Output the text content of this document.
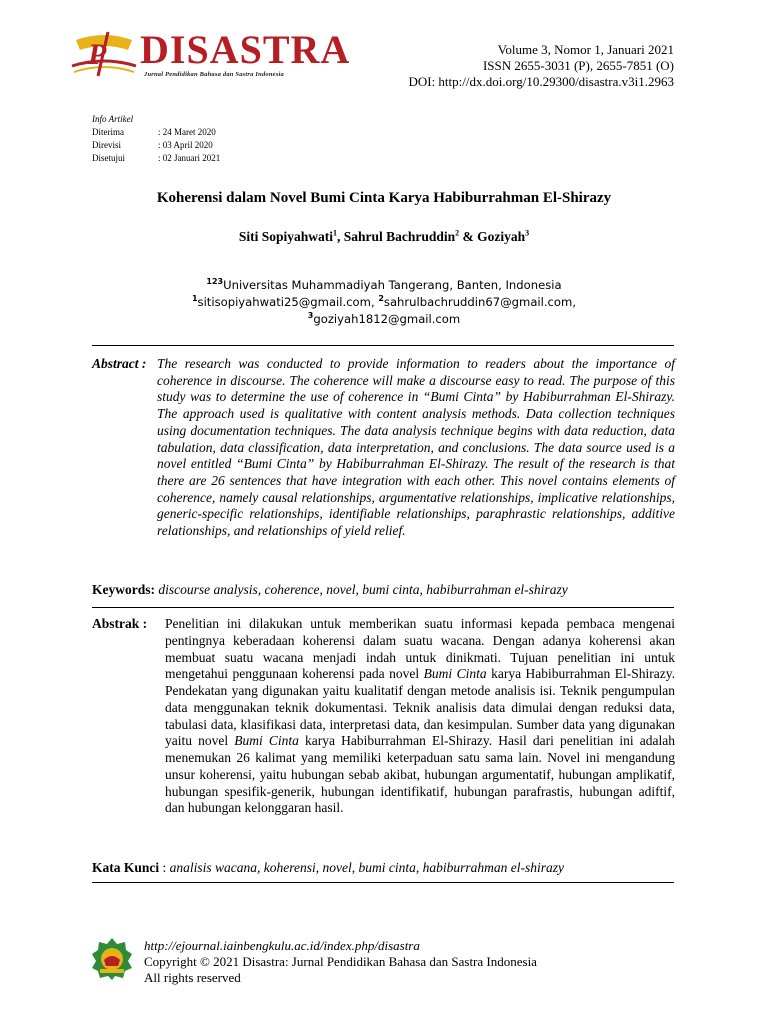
P DISASTRA
Jurnal Pendidikan Bahasa dan Sastra Indonesia
Volume 3, Nomor 1, Januari 2021
ISSN 2655-3031 (P), 2655-7851 (O)
DOI: http://dx.doi.org/10.29300/disastra.v3i1.2963
Info Artikel
Diterima	: 24 Maret 2020
Direvisi	: 03 April 2020
Disetujui	: 02 Januari 2021
Koherensi dalam Novel Bumi Cinta Karya Habiburrahman El-Shirazy
Siti Sopiyahwati$^1$, Sahrul Bachruddin$^2$ & Goziyah$^3$
$^{123}$Universitas Muhammadiyah Tangerang, Banten, Indonesia
$^1$sitisopiyahwati25@gmail.com, $^2$sahrulbachruddin67@gmail.com,
$^3$goziyah1812@gmail.com
Abstract : The research was conducted to provide information to readers about the importance of coherence in discourse. The coherence will make a discourse easy to read. The purpose of this study was to determine the use of coherence in “Bumi Cinta” by Habiburrahman El-Shirazy. The approach used is qualitative with content analysis methods. Data collection techniques using documentation techniques. The data analysis technique begins with data reduction, data tabulation, data classification, data interpretation, and conclusions. The data source used is a novel entitled “Bumi Cinta” by Habiburrahman El-Shirazy. The result of the research is that there are 26 sentences that have integration with each other. This novel contains elements of coherence, namely causal relationships, argumentative relationships, implicative relationships, generic-specific relationships, identifiable relationships, paraphrastic relationships, additive relationships, and relationships of yield relief.
Keywords: discourse analysis, coherence, novel, bumi cinta, habiburrahman el-shirazy
Abstrak : Penelitian ini dilakukan untuk memberikan suatu informasi kepada pembaca mengenai pentingnya keberadaan koherensi dalam suatu wacana. Dengan adanya koherensi akan membuat suatu wacana menjadi indah untuk dinikmati. Tujuan penelitian ini untuk mengetahui penggunaan koherensi pada novel Bumi Cinta karya Habiburrahman El-Shirazy. Pendekatan yang digunakan yaitu kualitatif dengan metode analisis isi. Teknik pengumpulan data menggunakan teknik dokumentasi. Teknik analisis data dimulai dengan reduksi data, tabulasi data, klasifikasi data, interpretasi data, dan kesimpulan. Sumber data yang digunakan yaitu novel Bumi Cinta karya Habiburrahman El-Shirazy. Hasil dari penelitian ini adalah menemukan 26 kalimat yang memiliki keterpaduan satu sama lain. Novel ini mengandung unsur koherensi, yaitu hubungan sebab akibat, hubungan argumentatif, hubungan amplikatif, hubungan spesifik-generik, hubungan identifikatif, hubungan parafrastis, hubungan adiftif, dan hubungan kelonggaran hasil.
Kata Kunci : analisis wacana, koherensi, novel, bumi cinta, habiburrahman el-shirazy
http://ejournal.iainbengkulu.ac.id/index.php/disastra
Copyright © 2021 Disastra: Jurnal Pendidikan Bahasa dan Sastra Indonesia
All rights reserved
